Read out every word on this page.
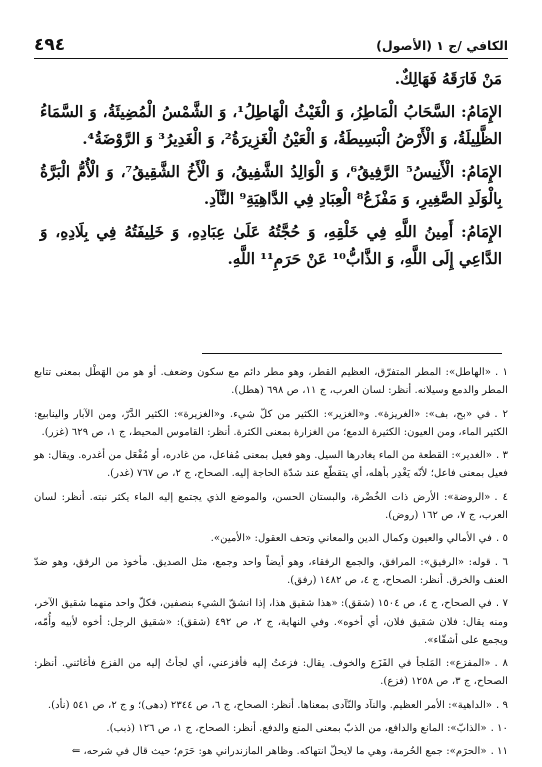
٤٩٤	الكافي /ج ١ (الأصول)

مَنْ فَارَقَهُ فَهَالِكٌ.

الإِمَامُ: السَّحَابُ الْمَاطِرُ، وَ الْغَيْثُ الْهَاطِلُ¹، وَ الشَّمْسُ الْمُضِيئَةُ، وَ السَّمَاءُ الظَّلِيلَةُ، وَ الْأَرْضُ الْبَسِيطَةُ، وَ الْعَيْنُ الْغَزِيرَةُ²، وَ الْغَدِيرُ³ وَ الرَّوْضَةُ⁴.

الإِمَامُ: الْأَنِيسُ⁵ الرَّفِيقُ⁶، وَ الْوَالِدُ الشَّفِيقُ، وَ الْأَخُ الشَّقِيقُ⁷، وَ الْأُمُّ الْبَرَّةُ بِالْوَلَدِ الصَّغِيرِ، وَ مَفْزَعُ⁸ الْعِبَادِ فِي الدَّاهِيَةِ⁹ النَّآدِ.

الإِمَامُ: أَمِينُ اللَّهِ فِي خَلْقِهِ، وَ حُجَّتُهُ عَلَىٰ عِبَادِهِ، وَ خَلِيفَتُهُ فِي بِلَادِهِ، وَ الدَّاعِي إِلَى اللَّهِ، وَ الذَّابُّ¹⁰ عَنْ حَرَمِ¹¹ اللَّهِ.

١ .«الهاطل»: المطر المتفرّق، العظيم القطر، وهو مطر دائم مع سكون وضعف. أو هو من الهَطْل بمعنى تتابع المطر والدمع وسيلانه. أنظر: لسان العرب، ج ١١، ص ٦٩٨ (هطل).
٢ .في «بح، بف»: «الغريزة». و«الغزير»: الكثير من كلّ شيء. و«الغزيرة»: الكثير الدَّرّ، ومن الآبار والينابيع: الكثير الماء، ومن العيون: الكثيرة الدمع؛ من الغزارة بمعنى الكثرة. أنظر: القاموس المحيط، ج ١، ص ٦٢٩ (غزر).
٣ .«الغدير»: القطعة من الماء يغادرها السيل. وهو فعيل بمعنى مُفاعل، من غادره، أو مُفْعَل من أغدره. ويقال: هو فعيل بمعنى فاعل؛ لأنّه يَغْدِر بأهله، أي يتقطّع عند شدّة الحاجة إليه. الصحاح، ج ٢، ص ٧٦٧ (غدر).
٤ .«الروضة»: الأرض ذات الخُضْرة، والبستان الحسن، والموضع الذي يجتمع إليه الماء يكثر نبته. أنظر: لسان العرب، ج ٧، ص ١٦٢ (روض).
٥ .في الأمالي والعيون وكمال الدين والمعاني وتحف العقول: «الأمين».
٦ .قوله: «الرفيق»: المرافق، والجمع الرفقاء، وهو أيضاً واحد وجمع، مثل الصديق. مأخوذ من الرفق، وهو ضدّ العنف والخرق. أنظر: الصحاح، ج ٤، ص ١٤٨٢ (رفق).
٧ .في الصحاح، ج ٤، ص ١٥٠٤ (شقق): «هذا شقيق هذا، إذا انشقّ الشيء بنصفين، فكلّ واحد منهما شقيق الآخر، ومنه يقال: فلان شقيق فلان، أي أخوه». وفي النهاية، ج ٢، ص ٤٩٢ (شقق): «شقيق الرجل: أخوه لأبيه وأُمّه، ويجمع على أشقّاء».
٨ .«المفزع»: المَلجأ في الفَزَع والخوف. يقال: فزعتُ إليه فأفزعني، أي لجأتُ إليه من الفزع فأغاثني. أنظر: الصحاح، ج ٣، ص ١٢٥٨ (فزع).
٩ .«الداهية»: الأمر العظيم. والنآد والنّآدى بمعناها. أنظر: الصحاح، ج ٦، ص ٢٣٤٤ (دهى)؛ و ج ٢، ص ٥٤١ (نأد).
١٠ .«الذابّ»: المانع والدافع، من الذبّ بمعنى المنع والدفع. أنظر: الصحاح، ج ١، ص ١٢٦ (ذبب).
١١ .«الحرَم»: جمع الحُرمة، وهي ما لايحلّ انتهاكه. وظاهر المازندراني هو: حَرَم؛ حيث قال في شرحه، ⇐
